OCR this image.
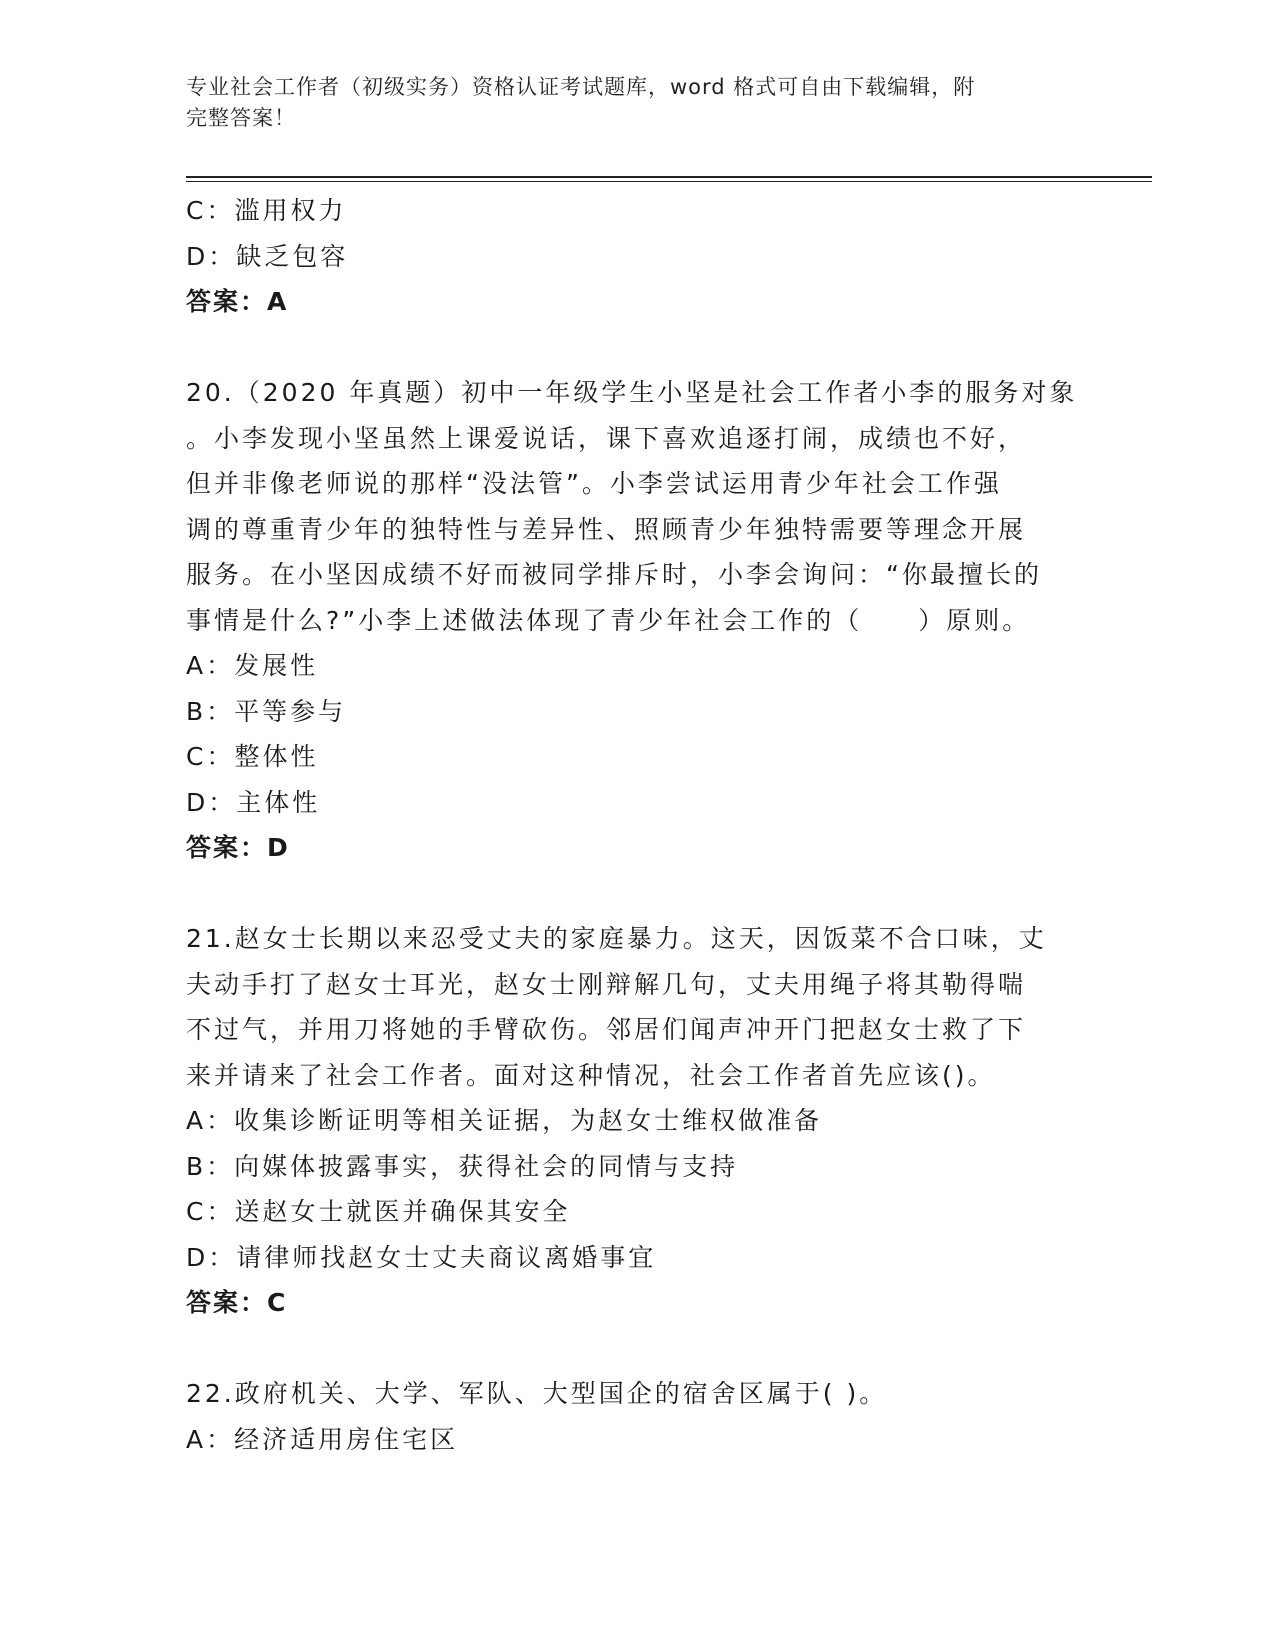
专业社会工作者（初级实务）资格认证考试题库，word 格式可自由下载编辑，附
完整答案！
C：滥用权力
D：缺乏包容
答案：A
20.（2020 年真题）初中一年级学生小坚是社会工作者小李的服务对象
。小李发现小坚虽然上课爱说话，课下喜欢追逐打闹，成绩也不好，
但并非像老师说的那样“没法管”。小李尝试运用青少年社会工作强
调的尊重青少年的独特性与差异性、照顾青少年独特需要等理念开展
服务。在小坚因成绩不好而被同学排斥时，小李会询问：“你最擅长的
事情是什么?”小李上述做法体现了青少年社会工作的（　　）原则。
A：发展性
B：平等参与
C：整体性
D：主体性
答案：D
21.赵女士长期以来忍受丈夫的家庭暴力。这天，因饭菜不合口味，丈
夫动手打了赵女士耳光，赵女士刚辩解几句，丈夫用绳子将其勒得喘
不过气，并用刀将她的手臂砍伤。邻居们闻声冲开门把赵女士救了下
来并请来了社会工作者。面对这种情况，社会工作者首先应该()。
A：收集诊断证明等相关证据，为赵女士维权做准备
B：向媒体披露事实，获得社会的同情与支持
C：送赵女士就医并确保其安全
D：请律师找赵女士丈夫商议离婚事宜
答案：C
22.政府机关、大学、军队、大型国企的宿舍区属于( )。
A：经济适用房住宅区
